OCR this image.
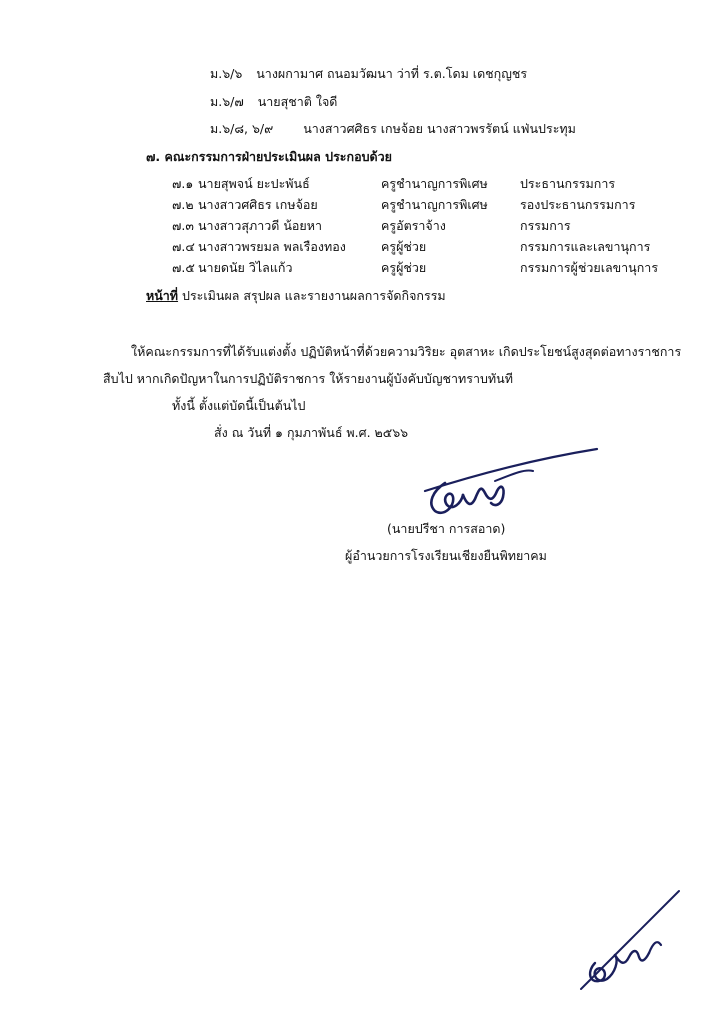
ม.๖/๖ นางผกามาศ ถนอมวัฒนา ว่าที่ ร.ต.โดม เดชกุญชร
ม.๖/๗ นายสุชาติ ใจดี
ม.๖/๘, ๖/๙ นางสาวศศิธร เกษจ้อย นางสาวพรรัตน์ แฟ่นประทุม
๗. คณะกรรมการฝ่ายประเมินผล ประกอบด้วย
๗.๑ นายสุพจน์ ยะปะพันธ์	ครูชำนาญการพิเศษ	ประธานกรรมการ
๗.๒ นางสาวศศิธร เกษจ้อย	ครูชำนาญการพิเศษ	รองประธานกรรมการ
๗.๓ นางสาวสุภาวดี น้อยหา	ครูอัตราจ้าง	กรรมการ
๗.๔ นางสาวพรยมล พลเรืองทอง	ครูผู้ช่วย	กรรมการและเลขานุการ
๗.๕ นายดนัย วิไลแก้ว	ครูผู้ช่วย	กรรมการผู้ช่วยเลขานุการ
หน้าที่ ประเมินผล สรุปผล และรายงานผลการจัดกิจกรรม
ให้คณะกรรมการที่ได้รับแต่งตั้ง ปฏิบัติหน้าที่ด้วยความวิริยะ อุตสาหะ เกิดประโยชน์สูงสุดต่อทางราชการ
สืบไป หากเกิดปัญหาในการปฏิบัติราชการ ให้รายงานผู้บังคับบัญชาทราบทันที
ทั้งนี้ ตั้งแต่บัดนี้เป็นต้นไป
สั่ง ณ วันที่ ๑ กุมภาพันธ์ พ.ศ. ๒๕๖๖
(นายปรีชา การสอาด)
ผู้อำนวยการโรงเรียนเชียงยืนพิทยาคม
